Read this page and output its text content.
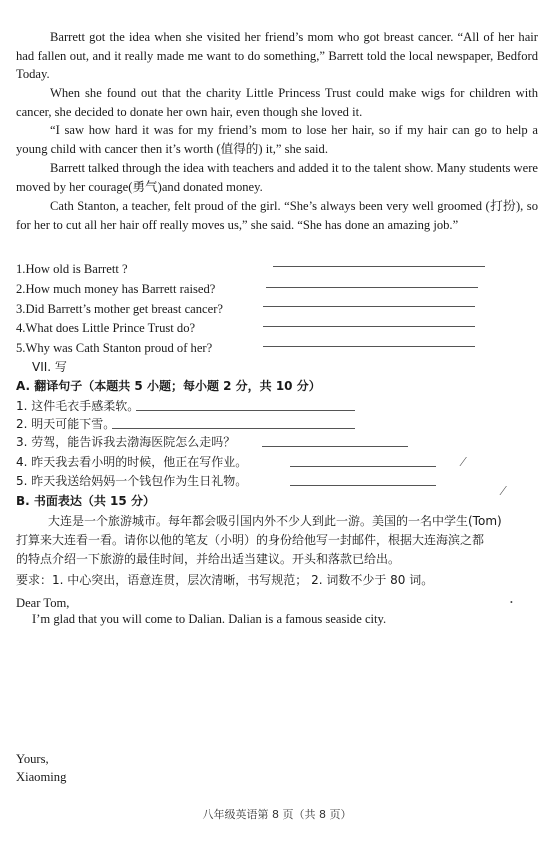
Barrett got the idea when she visited her friend’s mom who got breast cancer. “All of her hair had fallen out, and it really made me want to do something,” Barrett told the local newspaper, Bedford Today.
When she found out that the charity Little Princess Trust could make wigs for children with cancer, she decided to donate her own hair, even though she loved it.
“I saw how hard it was for my friend’s mom to lose her hair, so if my hair can go to help a young child with cancer then it’s worth (值得的) it,” she said.
Barrett talked through the idea with teachers and added it to the talent show. Many students were moved by her courage(勇气)and donated money.
Cath Stanton, a teacher, felt proud of the girl. “She’s always been very well groomed (打扮), so for her to cut all her hair off really moves us,” she said. “She has done an amazing job.”
1.How old is Barrett ?
2.How much money has Barrett raised?
3.Did Barrett’s mother get breast cancer?
4.What does Little Prince Trust do?
5.Why was Cath Stanton proud of her?
VII. 写
A. 翻译句子（本题共 5 小题；每小题 2 分，共 10 分）
1. 这件毛衣手感柔软。
2. 明天可能下雪。
3. 劳驾，能告诉我去渤海医院怎么走吗？
4. 昨天我去看小明的时候，他正在写作业。
5. 昨天我送给妈妈一个钱包作为生日礼物。
B. 书面表达（共 15 分）
大连是一个旅游城市。每年都会吸引国内外不少人到此一游。美国的一名中学生(Tom)
打算来大连看一看。请你以他的笔友（小明）的身份给他写一封邮件，根据大连海滨之都
的特点介绍一下旅游的最佳时间，并给出适当建议。开头和落款已给出。
要求：1. 中心突出，语意连贯，层次清晰，书写规范； 2. 词数不少于 80 词。
Dear Tom,
I’m glad that you will come to Dalian. Dalian is a famous seaside city.
Yours,
Xiaoming
⁄
⁄
•
八年级英语第 8 页（共 8 页）
